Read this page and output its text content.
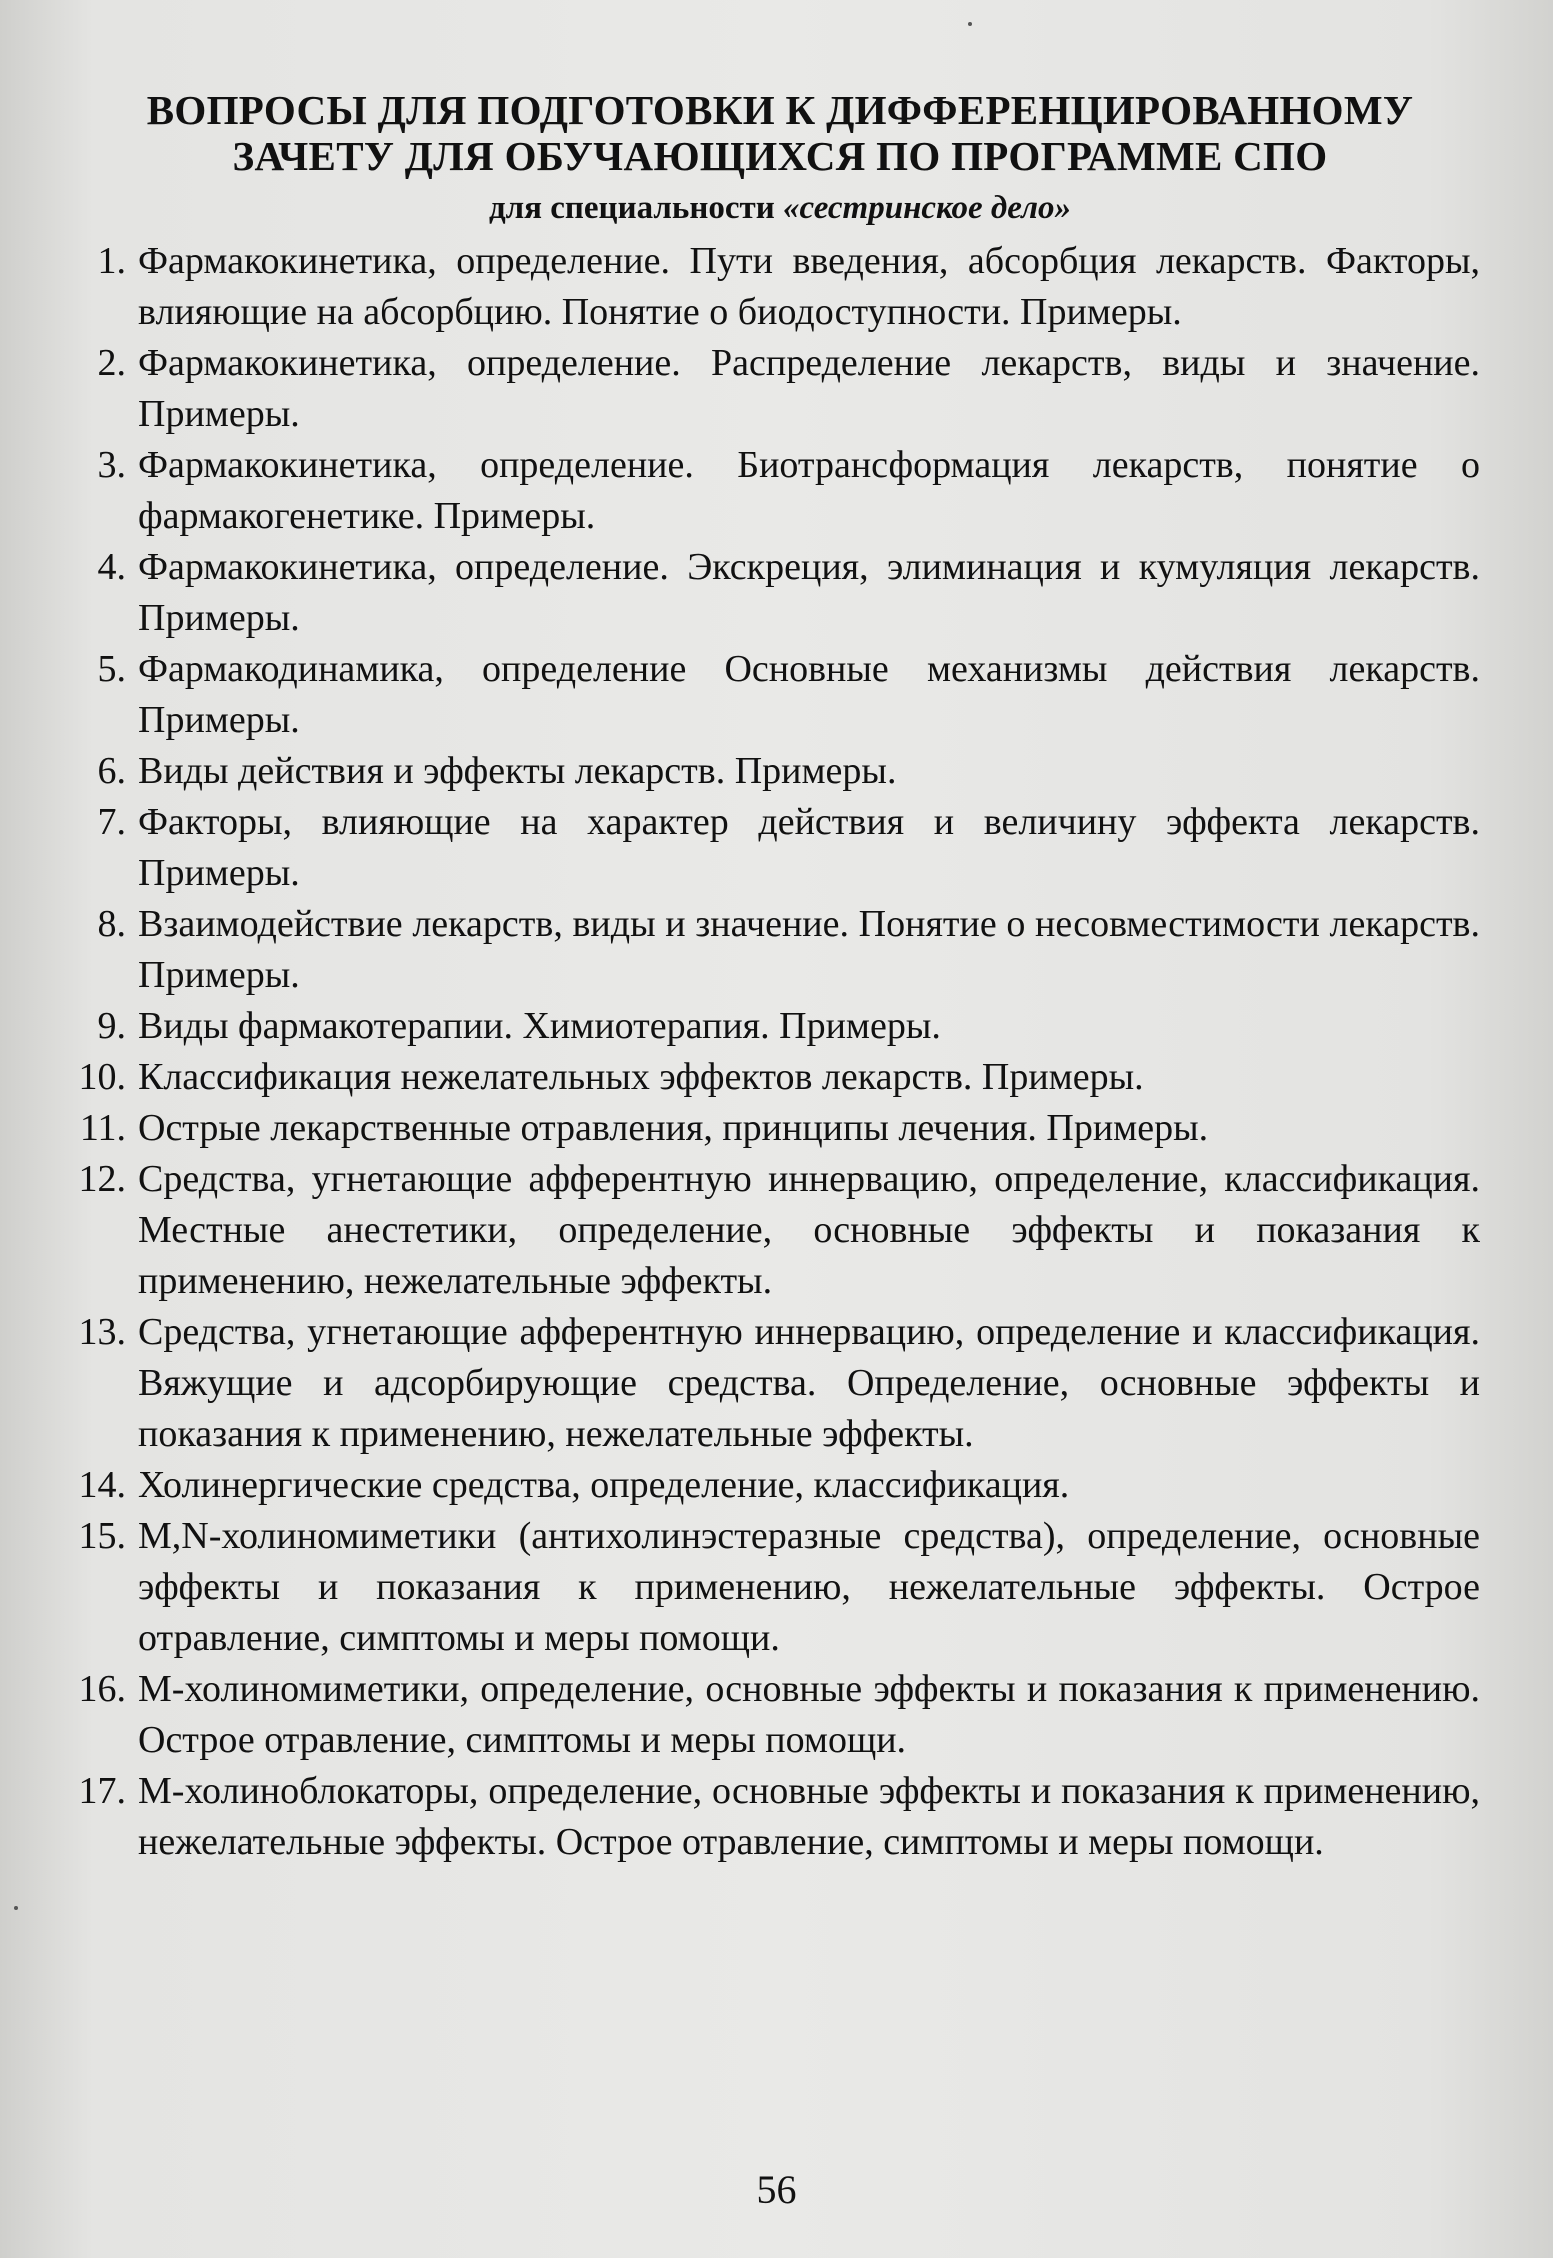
ВОПРОСЫ ДЛЯ ПОДГОТОВКИ К ДИФФЕРЕНЦИРОВАННОМУ
ЗАЧЕТУ ДЛЯ ОБУЧАЮЩИХСЯ ПО ПРОГРАММЕ СПО
для специальности «сестринское дело»
1. Фармакокинетика, определение. Пути введения, абсорбция лекарств. Факторы, влияющие на абсорбцию. Понятие о биодоступности. Примеры.
2. Фармакокинетика, определение. Распределение лекарств, виды и значение. Примеры.
3. Фармакокинетика, определение. Биотрансформация лекарств, понятие о фармакогенетике. Примеры.
4. Фармакокинетика, определение. Экскреция, элиминация и кумуляция лекарств. Примеры.
5. Фармакодинамика, определение Основные механизмы действия лекарств. Примеры.
6. Виды действия и эффекты лекарств. Примеры.
7. Факторы, влияющие на характер действия и величину эффекта лекарств. Примеры.
8. Взаимодействие лекарств, виды и значение. Понятие о несовместимости лекарств. Примеры.
9. Виды фармакотерапии. Химиотерапия. Примеры.
10. Классификация нежелательных эффектов лекарств. Примеры.
11. Острые лекарственные отравления, принципы лечения. Примеры.
12. Средства, угнетающие афферентную иннервацию, определение, классификация. Местные анестетики, определение, основные эффекты и показания к применению, нежелательные эффекты.
13. Средства, угнетающие афферентную иннервацию, определение и классификация. Вяжущие и адсорбирующие средства. Определение, основные эффекты и показания к применению, нежелательные эффекты.
14. Холинергические средства, определение, классификация.
15. М,N-холиномиметики (антихолинэстеразные средства), определение, основные эффекты и показания к применению, нежелательные эффекты. Острое отравление, симптомы и меры помощи.
16. М-холиномиметики, определение, основные эффекты и показания к применению. Острое отравление, симптомы и меры помощи.
17. М-холиноблокаторы, определение, основные эффекты и показания к применению, нежелательные эффекты. Острое отравление, симптомы и меры помощи.
56
